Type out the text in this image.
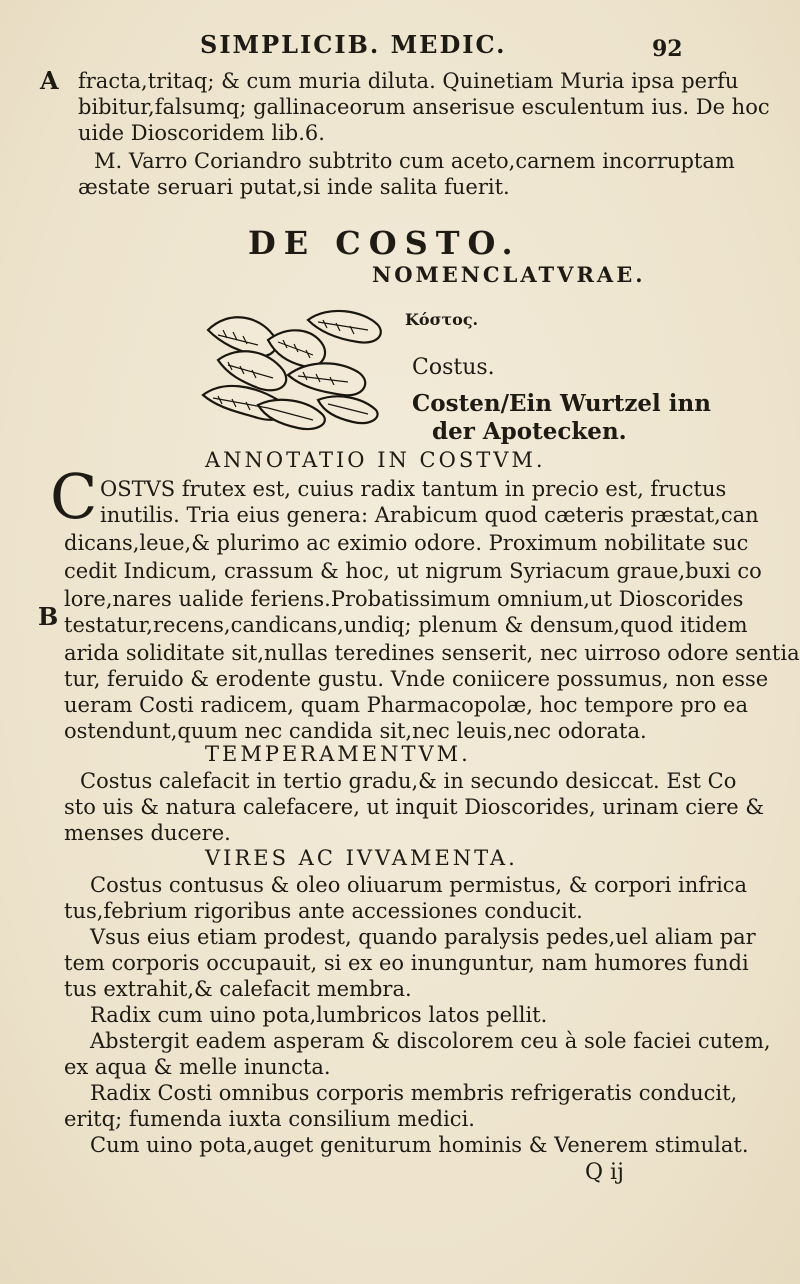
SIMPLICIB. MEDIC.	92
A
B
fracta,tritaq; & cum muria diluta. Quinetiam Muria ipsa perfu
bibitur,falsumq; gallinaceorum anserisue esculentum ius. De hoc
uide Dioscoridem lib.6.
M. Varro Coriandro subtrito cum aceto,carnem incorruptam
æstate seruari putat,si inde salita fuerit.
DE COSTO.
NOMENCLATVRAE.
Κόστος.
Costus.
Costen/Ein Wurtzel inn
der Apotecken.
ANNOTATIO IN COSTVM.
C OSTVS frutex est, cuius radix tantum in precio est, fructus
inutilis. Tria eius genera: Arabicum quod cæteris præstat,can
dicans,leue,& plurimo ac eximio odore. Proximum nobilitate suc
cedit Indicum, crassum & hoc, ut nigrum Syriacum graue,buxi co
lore,nares ualide feriens.Probatissimum omnium,ut Dioscorides
testatur,recens,candicans,undiq; plenum & densum,quod itidem
arida soliditate sit,nullas teredines senserit, nec uirroso odore sentia
tur, feruido & erodente gustu. Vnde coniicere possumus, non esse
ueram Costi radicem, quam Pharmacopolæ, hoc tempore pro ea
ostendunt,quum nec candida sit,nec leuis,nec odorata.
TEMPERAMENTVM.
Costus calefacit in tertio gradu,& in secundo desiccat. Est Co
sto uis & natura calefacere, ut inquit Dioscorides, urinam ciere &
menses ducere.
VIRES AC IVVAMENTA.
Costus contusus & oleo oliuarum permistus, & corpori infrica
tus,febrium rigoribus ante accessiones conducit.
Vsus eius etiam prodest, quando paralysis pedes,uel aliam par
tem corporis occupauit, si ex eo inunguntur, nam humores fundi
tus extrahit,& calefacit membra.
Radix cum uino pota,lumbricos latos pellit.
Abstergit eadem asperam & discolorem ceu à sole faciei cutem,
ex aqua & melle inuncta.
Radix Costi omnibus corporis membris refrigeratis conducit,
eritq; fumenda iuxta consilium medici.
Cum uino pota,auget geniturum hominis & Venerem stimulat.
Q ij
